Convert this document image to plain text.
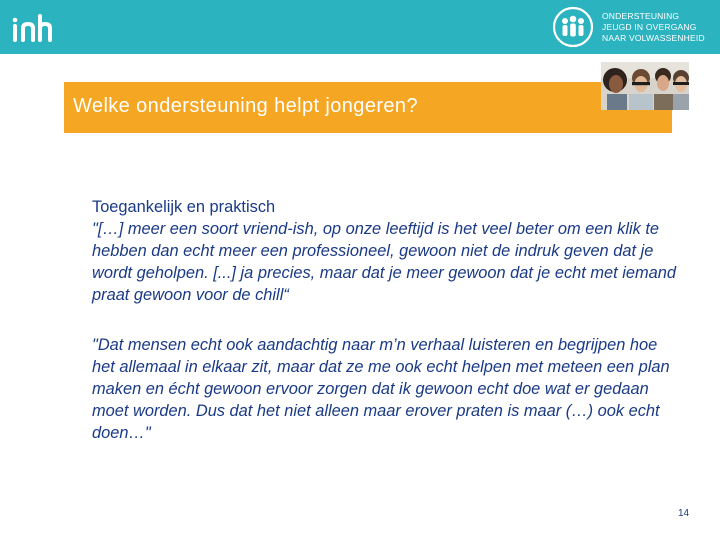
ONDERSTEUNING
JEUGD IN OVERGANG
NAAR VOLWASSENHEID
Welke ondersteuning helpt jongeren?
Toegankelijk en praktisch
"[…] meer een soort vriend-ish, op onze leeftijd is het veel beter om een klik te hebben dan echt meer een professioneel, gewoon niet de indruk geven dat je wordt geholpen. [...] ja precies, maar dat je meer gewoon dat je echt met iemand praat gewoon voor de chill“
"Dat mensen echt ook aandachtig naar m’n verhaal luisteren en begrijpen hoe het allemaal in elkaar zit, maar dat ze me ook echt helpen met meteen een plan maken en écht gewoon ervoor zorgen dat ik gewoon echt doe wat er gedaan moet worden. Dus dat het niet alleen maar erover praten is maar (…) ook echt doen…"
14
